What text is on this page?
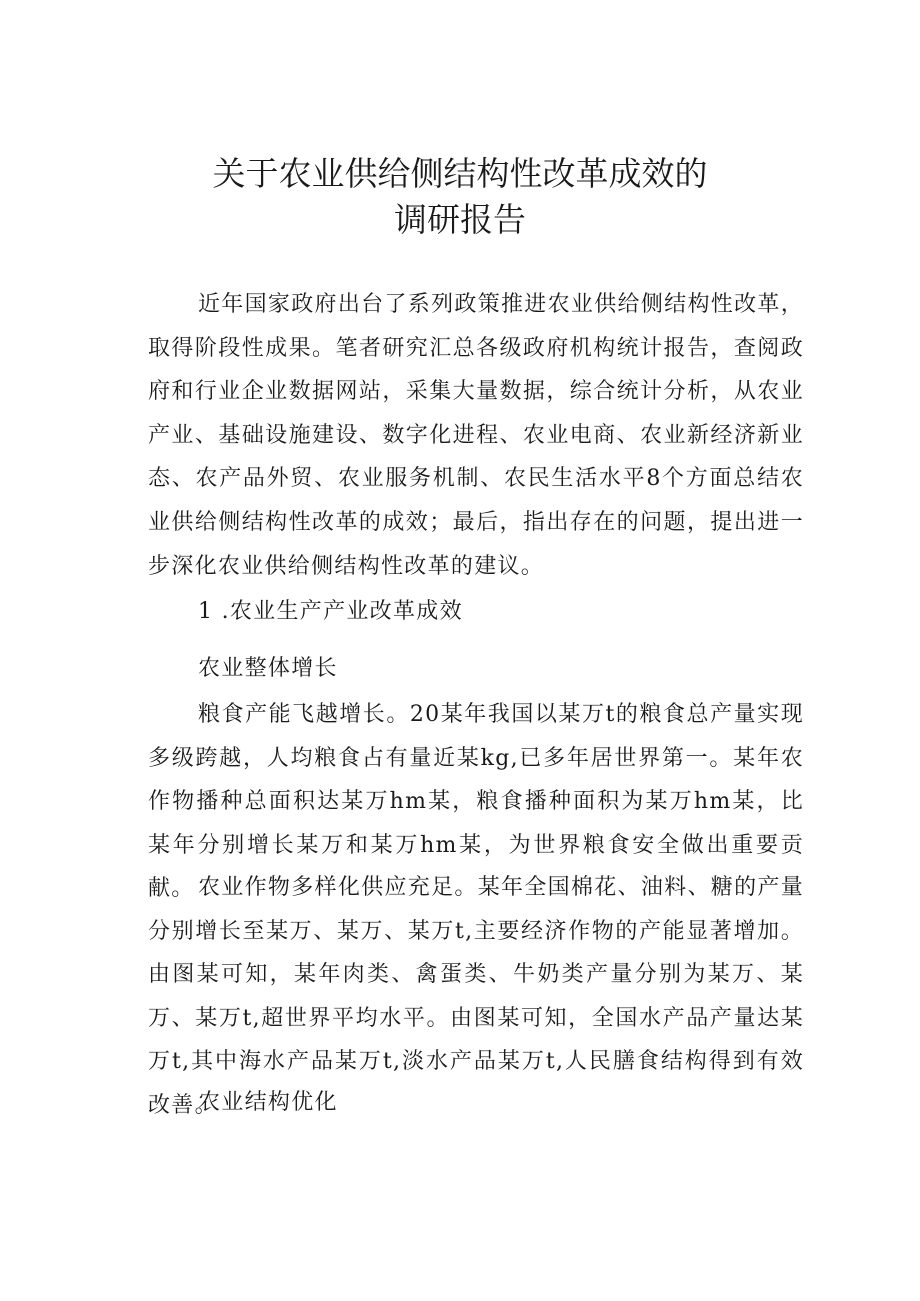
关于农业供给侧结构性改革成效的
调研报告

近年国家政府出台了系列政策推进农业供给侧结构性改革，取得阶段性成果。笔者研究汇总各级政府机构统计报告，查阅政府和行业企业数据网站，采集大量数据，综合统计分析，从农业产业、基础设施建设、数字化进程、农业电商、农业新经济新业态、农产品外贸、农业服务机制、农民生活水平8个方面总结农业供给侧结构性改革的成效；最后，指出存在的问题，提出进一步深化农业供给侧结构性改革的建议。

1 .农业生产产业改革成效
农业整体增长

粮食产能飞越增长。20某年我国以某万t的粮食总产量实现多级跨越，人均粮食占有量近某kg,已多年居世界第一。某年农作物播种总面积达某万hm某，粮食播种面积为某万hm某，比某年分别增长某万和某万hm某，为世界粮食安全做出重要贡献。 农业作物多样化供应充足。某年全国棉花、油料、糖的产量分别增长至某万、某万、某万t,主要经济作物的产能显著增加。由图某可知，某年肉类、禽蛋类、牛奶类产量分别为某万、某万、某万t,超世界平均水平。由图某可知，全国水产品产量达某万t,其中海水产品某万t,淡水产品某万t,人民膳食结构得到有效改善。

农业结构优化
